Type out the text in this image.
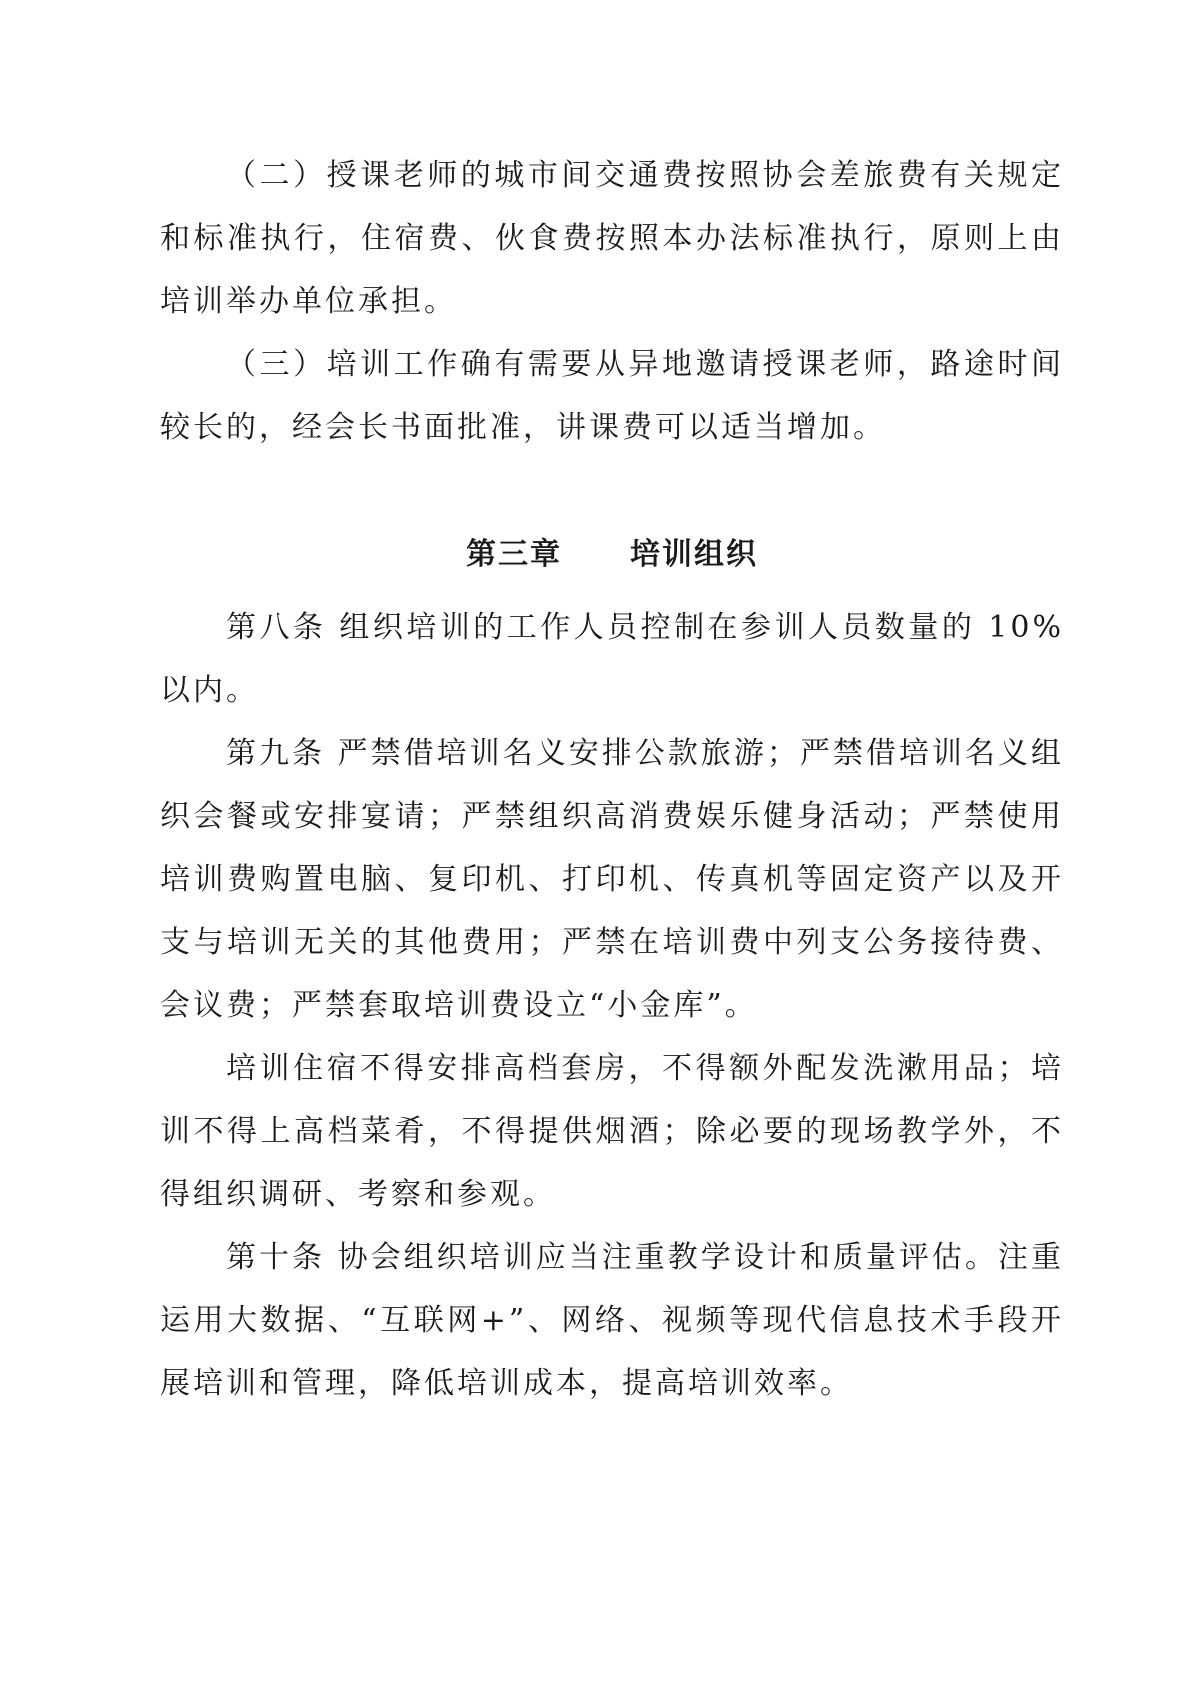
（二）授课老师的城市间交通费按照协会差旅费有关规定和标准执行，住宿费、伙食费按照本办法标准执行，原则上由培训举办单位承担。

（三）培训工作确有需要从异地邀请授课老师，路途时间较长的，经会长书面批准，讲课费可以适当增加。

第三章 培训组织

第八条 组织培训的工作人员控制在参训人员数量的 10%以内。

第九条 严禁借培训名义安排公款旅游；严禁借培训名义组织会餐或安排宴请；严禁组织高消费娱乐健身活动；严禁使用培训费购置电脑、复印机、打印机、传真机等固定资产以及开支与培训无关的其他费用；严禁在培训费中列支公务接待费、会议费；严禁套取培训费设立“小金库”。

培训住宿不得安排高档套房，不得额外配发洗漱用品；培训不得上高档菜肴，不得提供烟酒；除必要的现场教学外，不得组织调研、考察和参观。

第十条 协会组织培训应当注重教学设计和质量评估。注重运用大数据、“互联网+”、网络、视频等现代信息技术手段开展培训和管理，降低培训成本，提高培训效率。
